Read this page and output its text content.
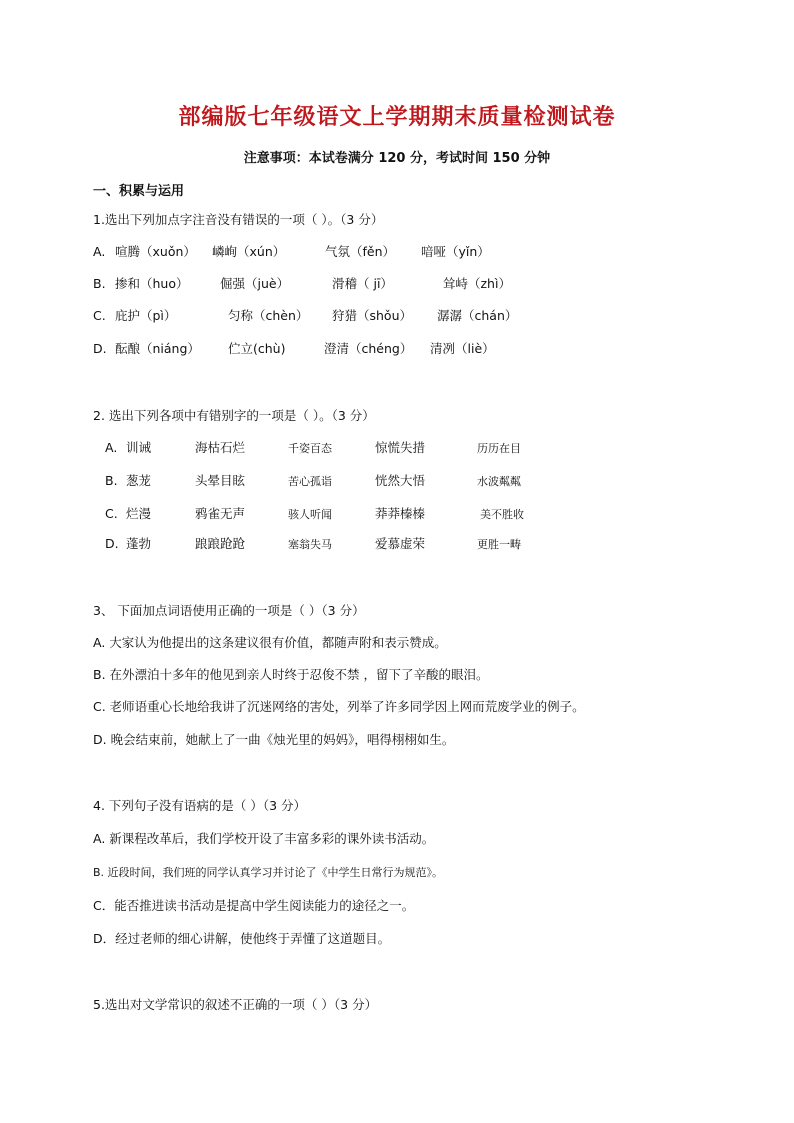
部编版七年级语文上学期期末质量检测试卷
注意事项：本试卷满分 120 分，考试时间 150 分钟
一、积累与运用
1.选出下列加点字注音没有错误的一项（ ）。（3 分）
A. 喧腾（xuǒn） 嶙峋（xún）	气氛（fěn） 喑哑（yǐn）
B. 掺和（huo）	倔强（juè）	滑稽（ jī）	耸峙（zhì）
C. 庇护（pì）	匀称（chèn） 狩猎（shǒu） 潺潺（chán）
D. 酝酿（niáng） 伫立(chù)	澄清（chéng） 清冽（liè）
2. 选出下列各项中有错别字的一项是（ ）。（3 分）
A. 训诫	海枯石烂	千姿百态	惊慌失措	历历在目
B. 葱茏	头晕目眩	苦心孤诣	恍然大悟	水波粼粼
C. 烂漫	鸦雀无声	骇人听闻	莽莽榛榛	美不胜收
D. 蓬勃	踉踉跄跄	塞翁失马	爱慕虚荣	更胜一畴
3、 下面加点词语使用正确的一项是（ ）（3 分）
A. 大家认为他提出的这条建议很有价值，都随声附和表示赞成。
B. 在外漂泊十多年的他见到亲人时终于忍俊不禁 ，留下了辛酸的眼泪。
C. 老师语重心长地给我讲了沉迷网络的害处，列举了许多同学因上网而荒废学业的例子。
D. 晚会结束前，她献上了一曲《烛光里的妈妈》，唱得栩栩如生。
4. 下列句子没有语病的是（ ）（3 分）
A. 新课程改革后，我们学校开设了丰富多彩的课外读书活动。
B. 近段时间，我们班的同学认真学习并讨论了《中学生日常行为规范》。
C．能否推进读书活动是提高中学生阅读能力的途径之一。
D．经过老师的细心讲解，使他终于弄懂了这道题目。
5.选出对文学常识的叙述不正确的一项（ ）（3 分）
